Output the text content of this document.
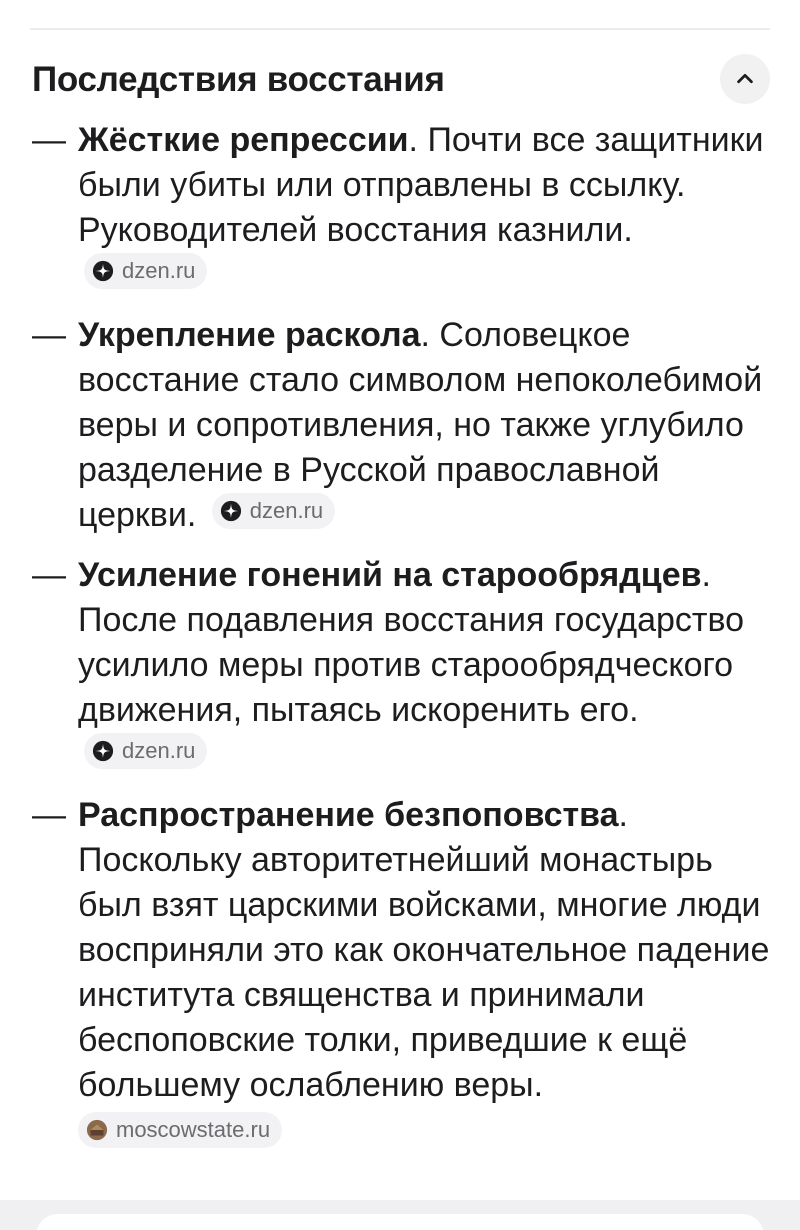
Последствия восстания
— Жёсткие репрессии. Почти все защитники были убиты или отправлены в ссылку. Руководителей восстания казнили.
dzen.ru
— Укрепление раскола. Соловецкое восстание стало символом непоколебимой веры и сопротивления, но также углубило разделение в Русской православной церкви. dzen.ru
— Усиление гонений на старообрядцев. После подавления восстания государство усилило меры против старообрядческого движения, пытаясь искоренить его.
dzen.ru
— Распространение безпоповства. Поскольку авторитетнейший монастырь был взят царскими войсками, многие люди восприняли это как окончательное падение института священства и принимали беспоповские толки, приведшие к ещё большему ослаблению веры.

moscowstate.ru
